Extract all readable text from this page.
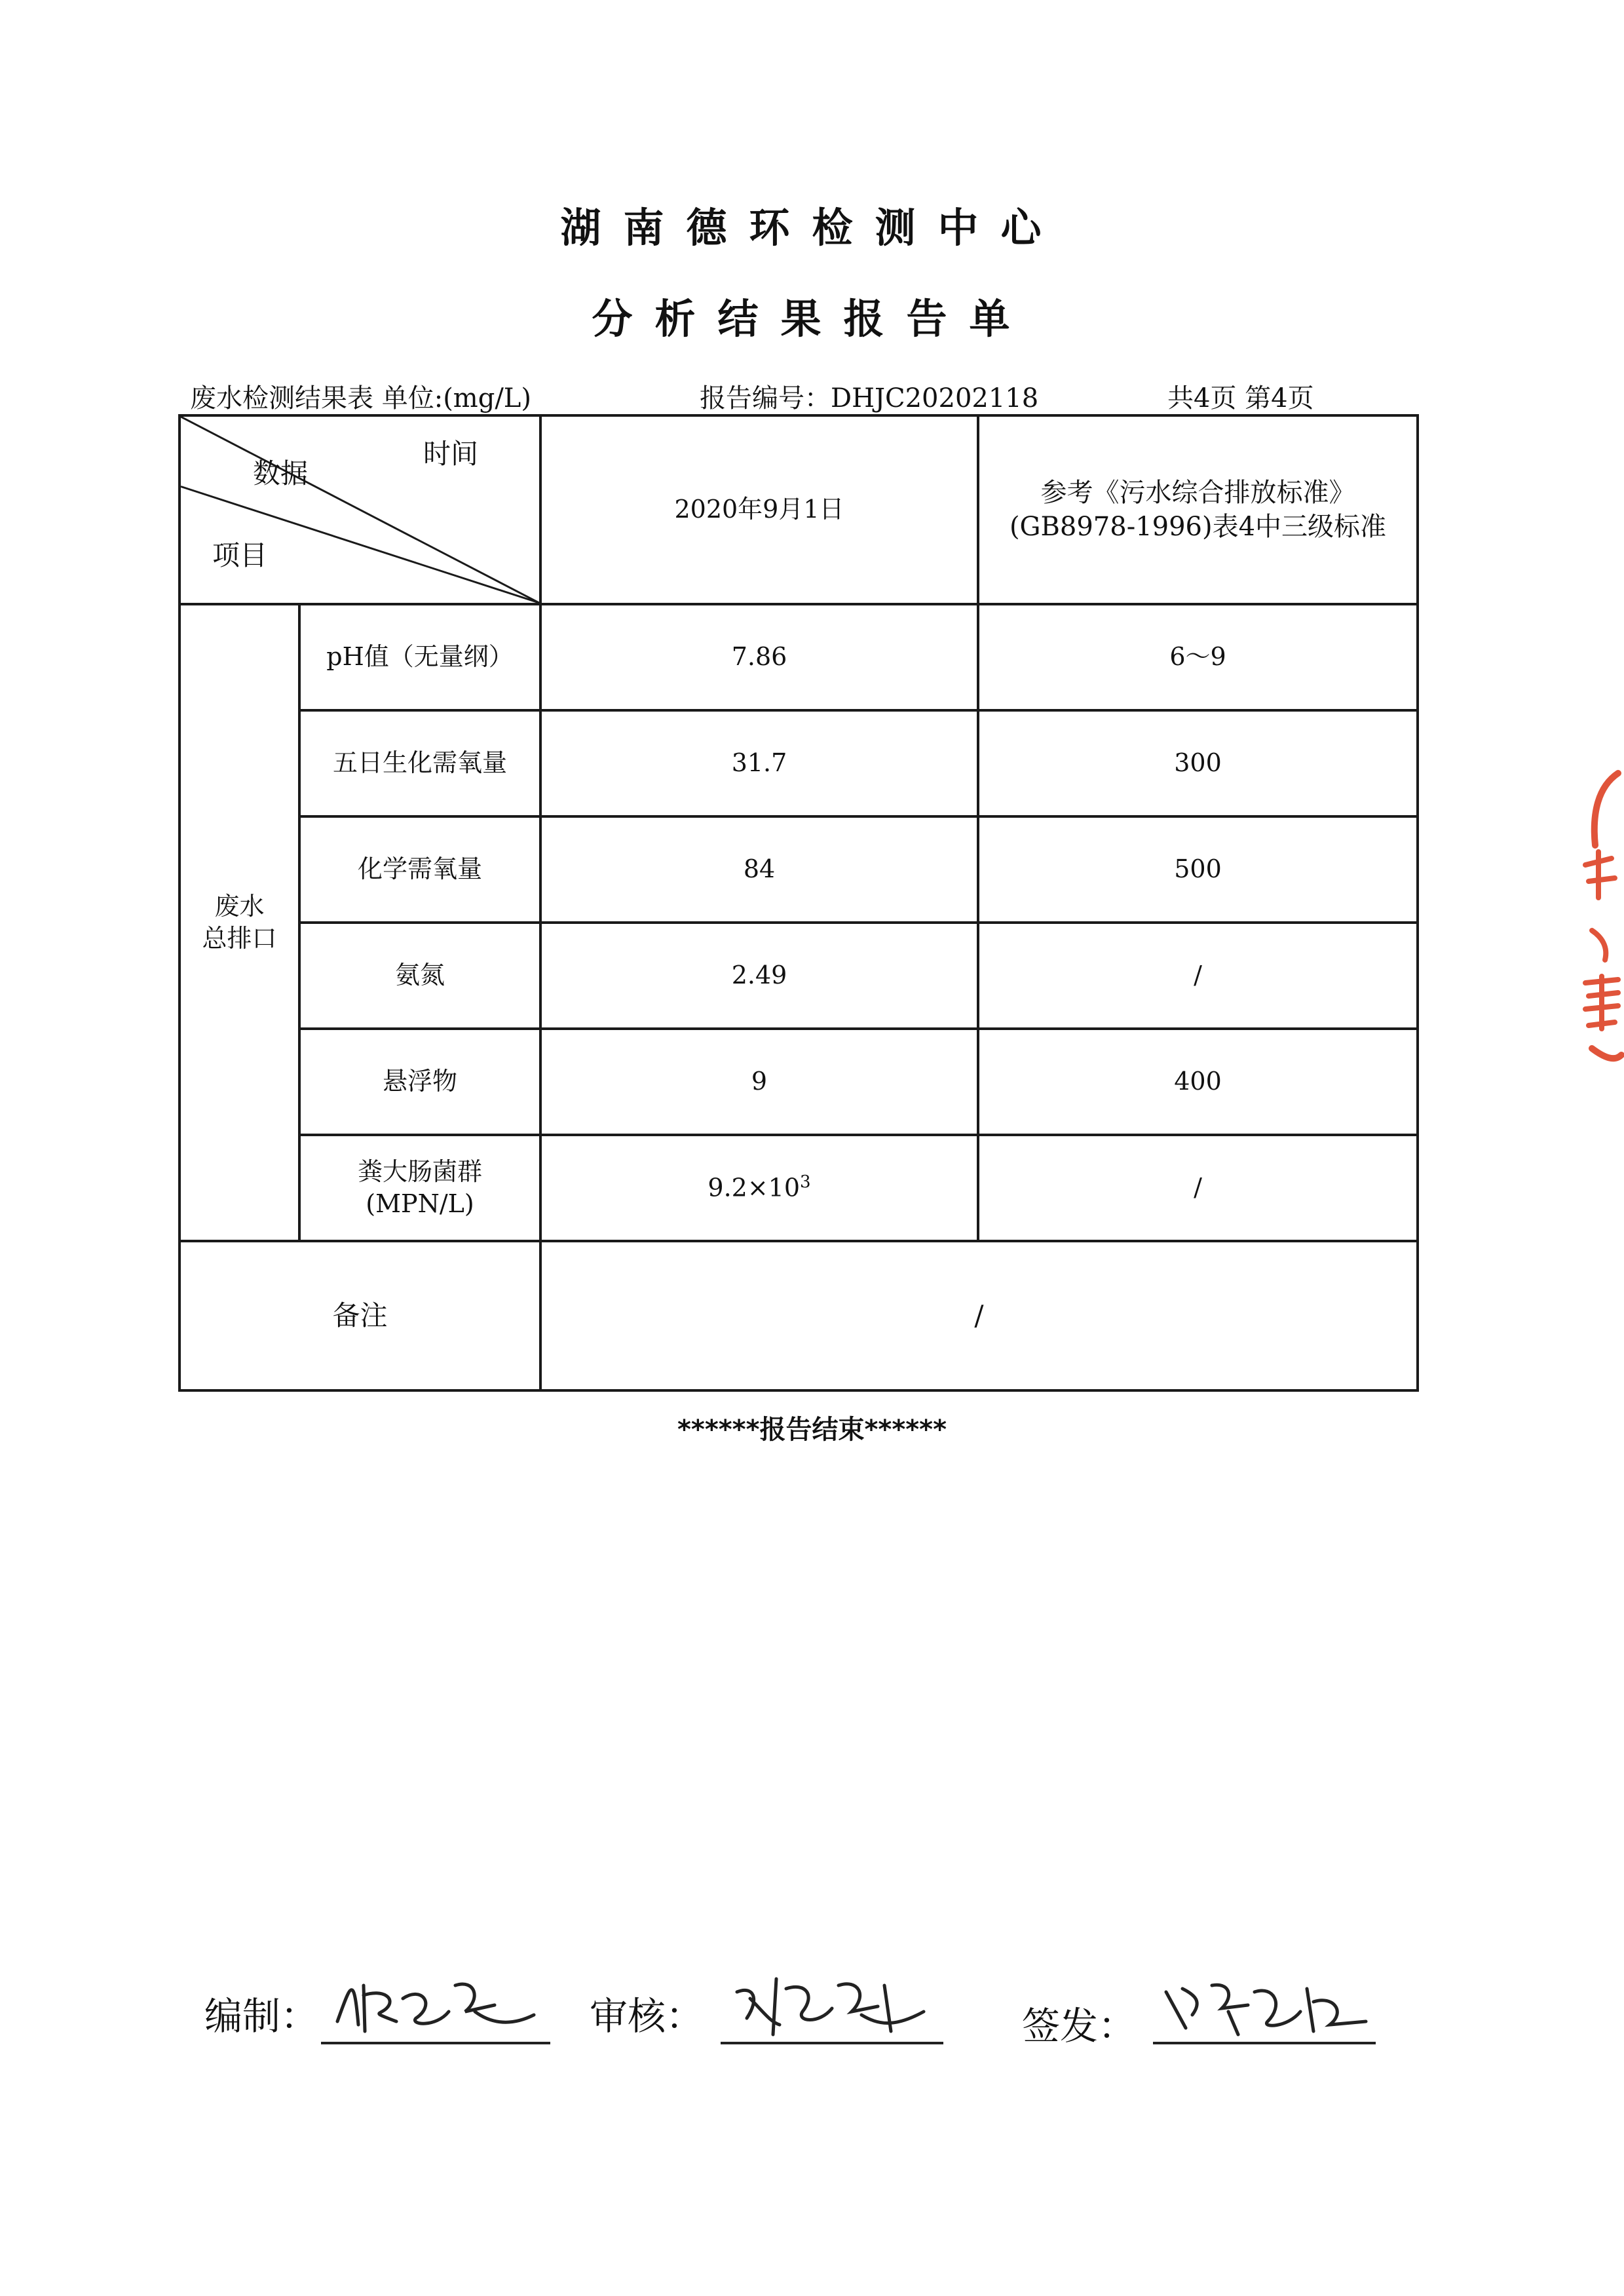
湖南德环检测中心
分析结果报告单
废水检测结果表 单位:(mg/L)	报告编号：DHJC20202118	共4页 第4页
数据
时间
项目		2020年9月1日	参考《污水综合排放标准》(GB8978-1996)表4中三级标准
废水
总排口	pH值（无量纲）	7.86	6～9
	五日生化需氧量	31.7	300
	化学需氧量	84	500
	氨氮	2.49	/
	悬浮物	9	400
	粪大肠菌群
(MPN/L)	$9.2\times 10^3$	/
备注		/	
******报告结束******
编制：	审核：	签发：
